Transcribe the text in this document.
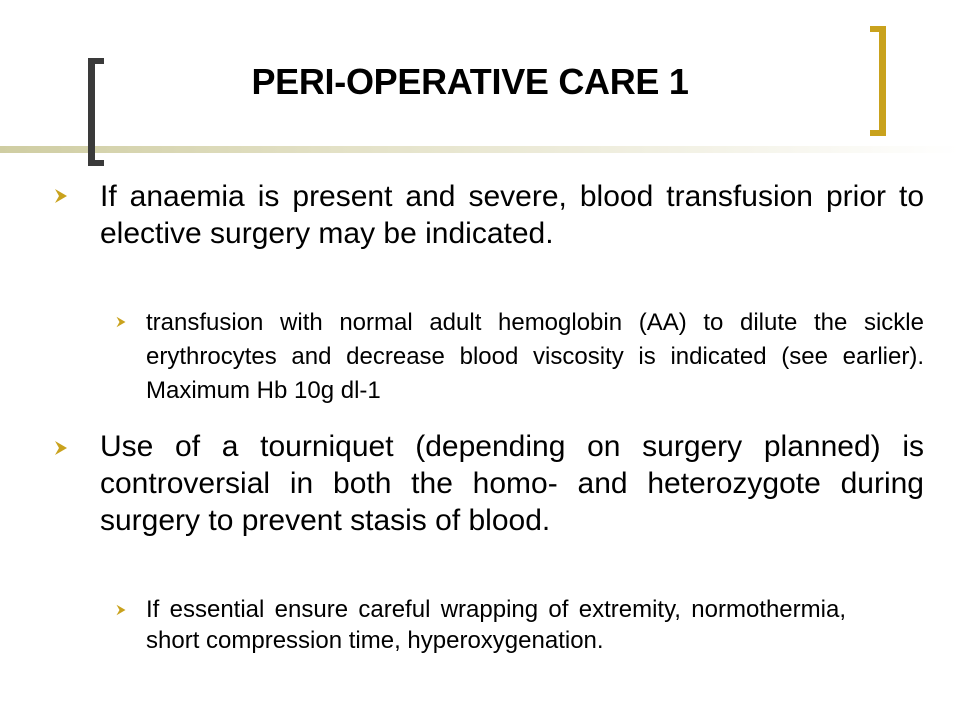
PERI-OPERATIVE CARE 1
If anaemia is present and severe, blood transfusion prior to elective surgery may be indicated.
transfusion with normal adult hemoglobin (AA) to dilute the sickle erythrocytes and decrease blood viscosity is indicated (see earlier). Maximum Hb 10g dl-1
Use of a tourniquet (depending on surgery planned) is controversial in both the homo- and heterozygote during surgery to prevent stasis of blood.
If essential ensure careful wrapping of extremity, normothermia, short compression time, hyperoxygenation.
